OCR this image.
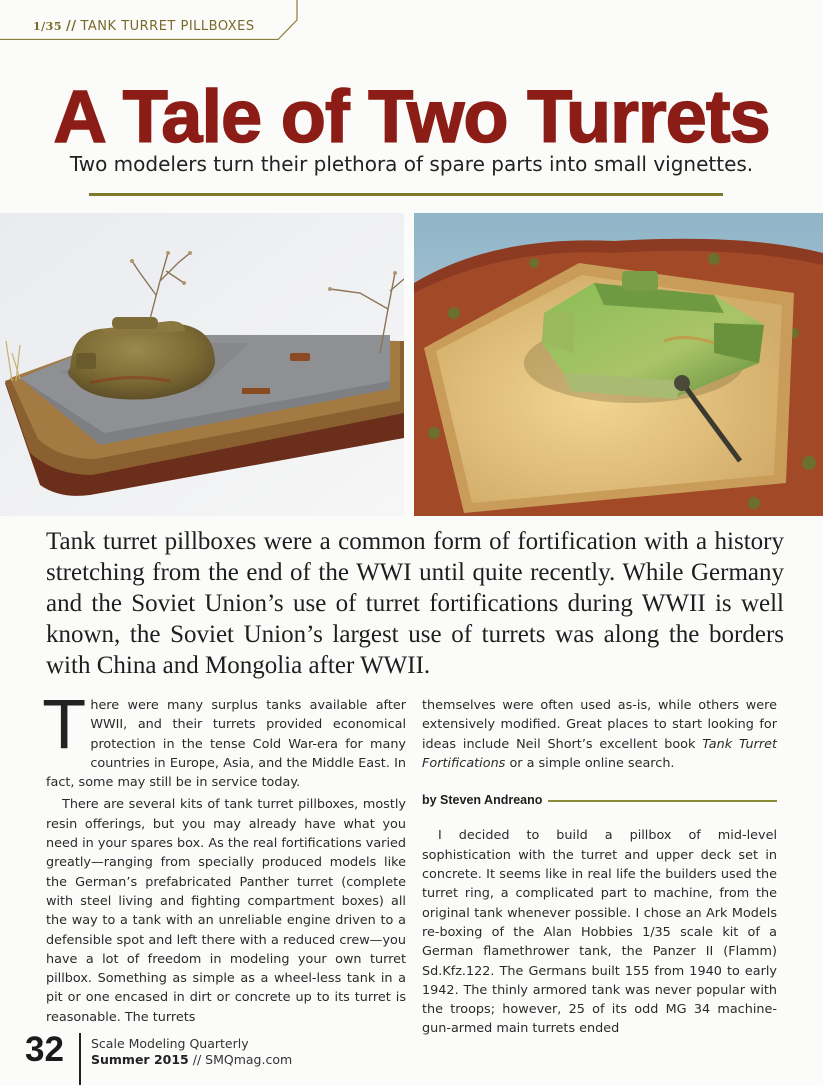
1/35 // TANK TURRET PILLBOXES
A Tale of Two Turrets
Two modelers turn their plethora of spare parts into small vignettes.
Tank turret pillboxes were a common form of fortification with a history stretching from the end of the WWI until quite recently. While Germany and the Soviet Union’s use of turret fortifications during WWII is well known, the Soviet Union’s largest use of turrets was along the borders with China and Mongolia after WWII.

There were many surplus tanks available after WWII, and their turrets provided economical protection in the tense Cold War-era for many countries in Europe, Asia, and the Middle East. In fact, some may still be in service today.

There are several kits of tank turret pillboxes, mostly resin offerings, but you may already have what you need in your spares box. As the real fortifications varied greatly—ranging from specially produced models like the German’s prefabricated Panther turret (complete with steel living and fighting compartment boxes) all the way to a tank with an unreliable engine driven to a defensible spot and left there with a reduced crew—you have a lot of freedom in modeling your own turret pillbox. Something as simple as a wheel-less tank in a pit or one encased in dirt or concrete up to its turret is reasonable. The turrets

themselves were often used as-is, while others were extensively modified. Great places to start looking for ideas include Neil Short’s excellent book Tank Turret Fortifications or a simple online search.

by Steven Andreano

I decided to build a pillbox of mid-level sophistication with the turret and upper deck set in concrete. It seems like in real life the builders used the turret ring, a complicated part to machine, from the original tank whenever possible. I chose an Ark Models re-boxing of the Alan Hobbies 1/35 scale kit of a German flamethrower tank, the Panzer II (Flamm) Sd.Kfz.122. The Germans built 155 from 1940 to early 1942. The thinly armored tank was never popular with the troops; however, 25 of its odd MG 34 machine-gun-armed main turrets ended

32 Scale Modeling Quarterly
Summer 2015 // SMQmag.com
